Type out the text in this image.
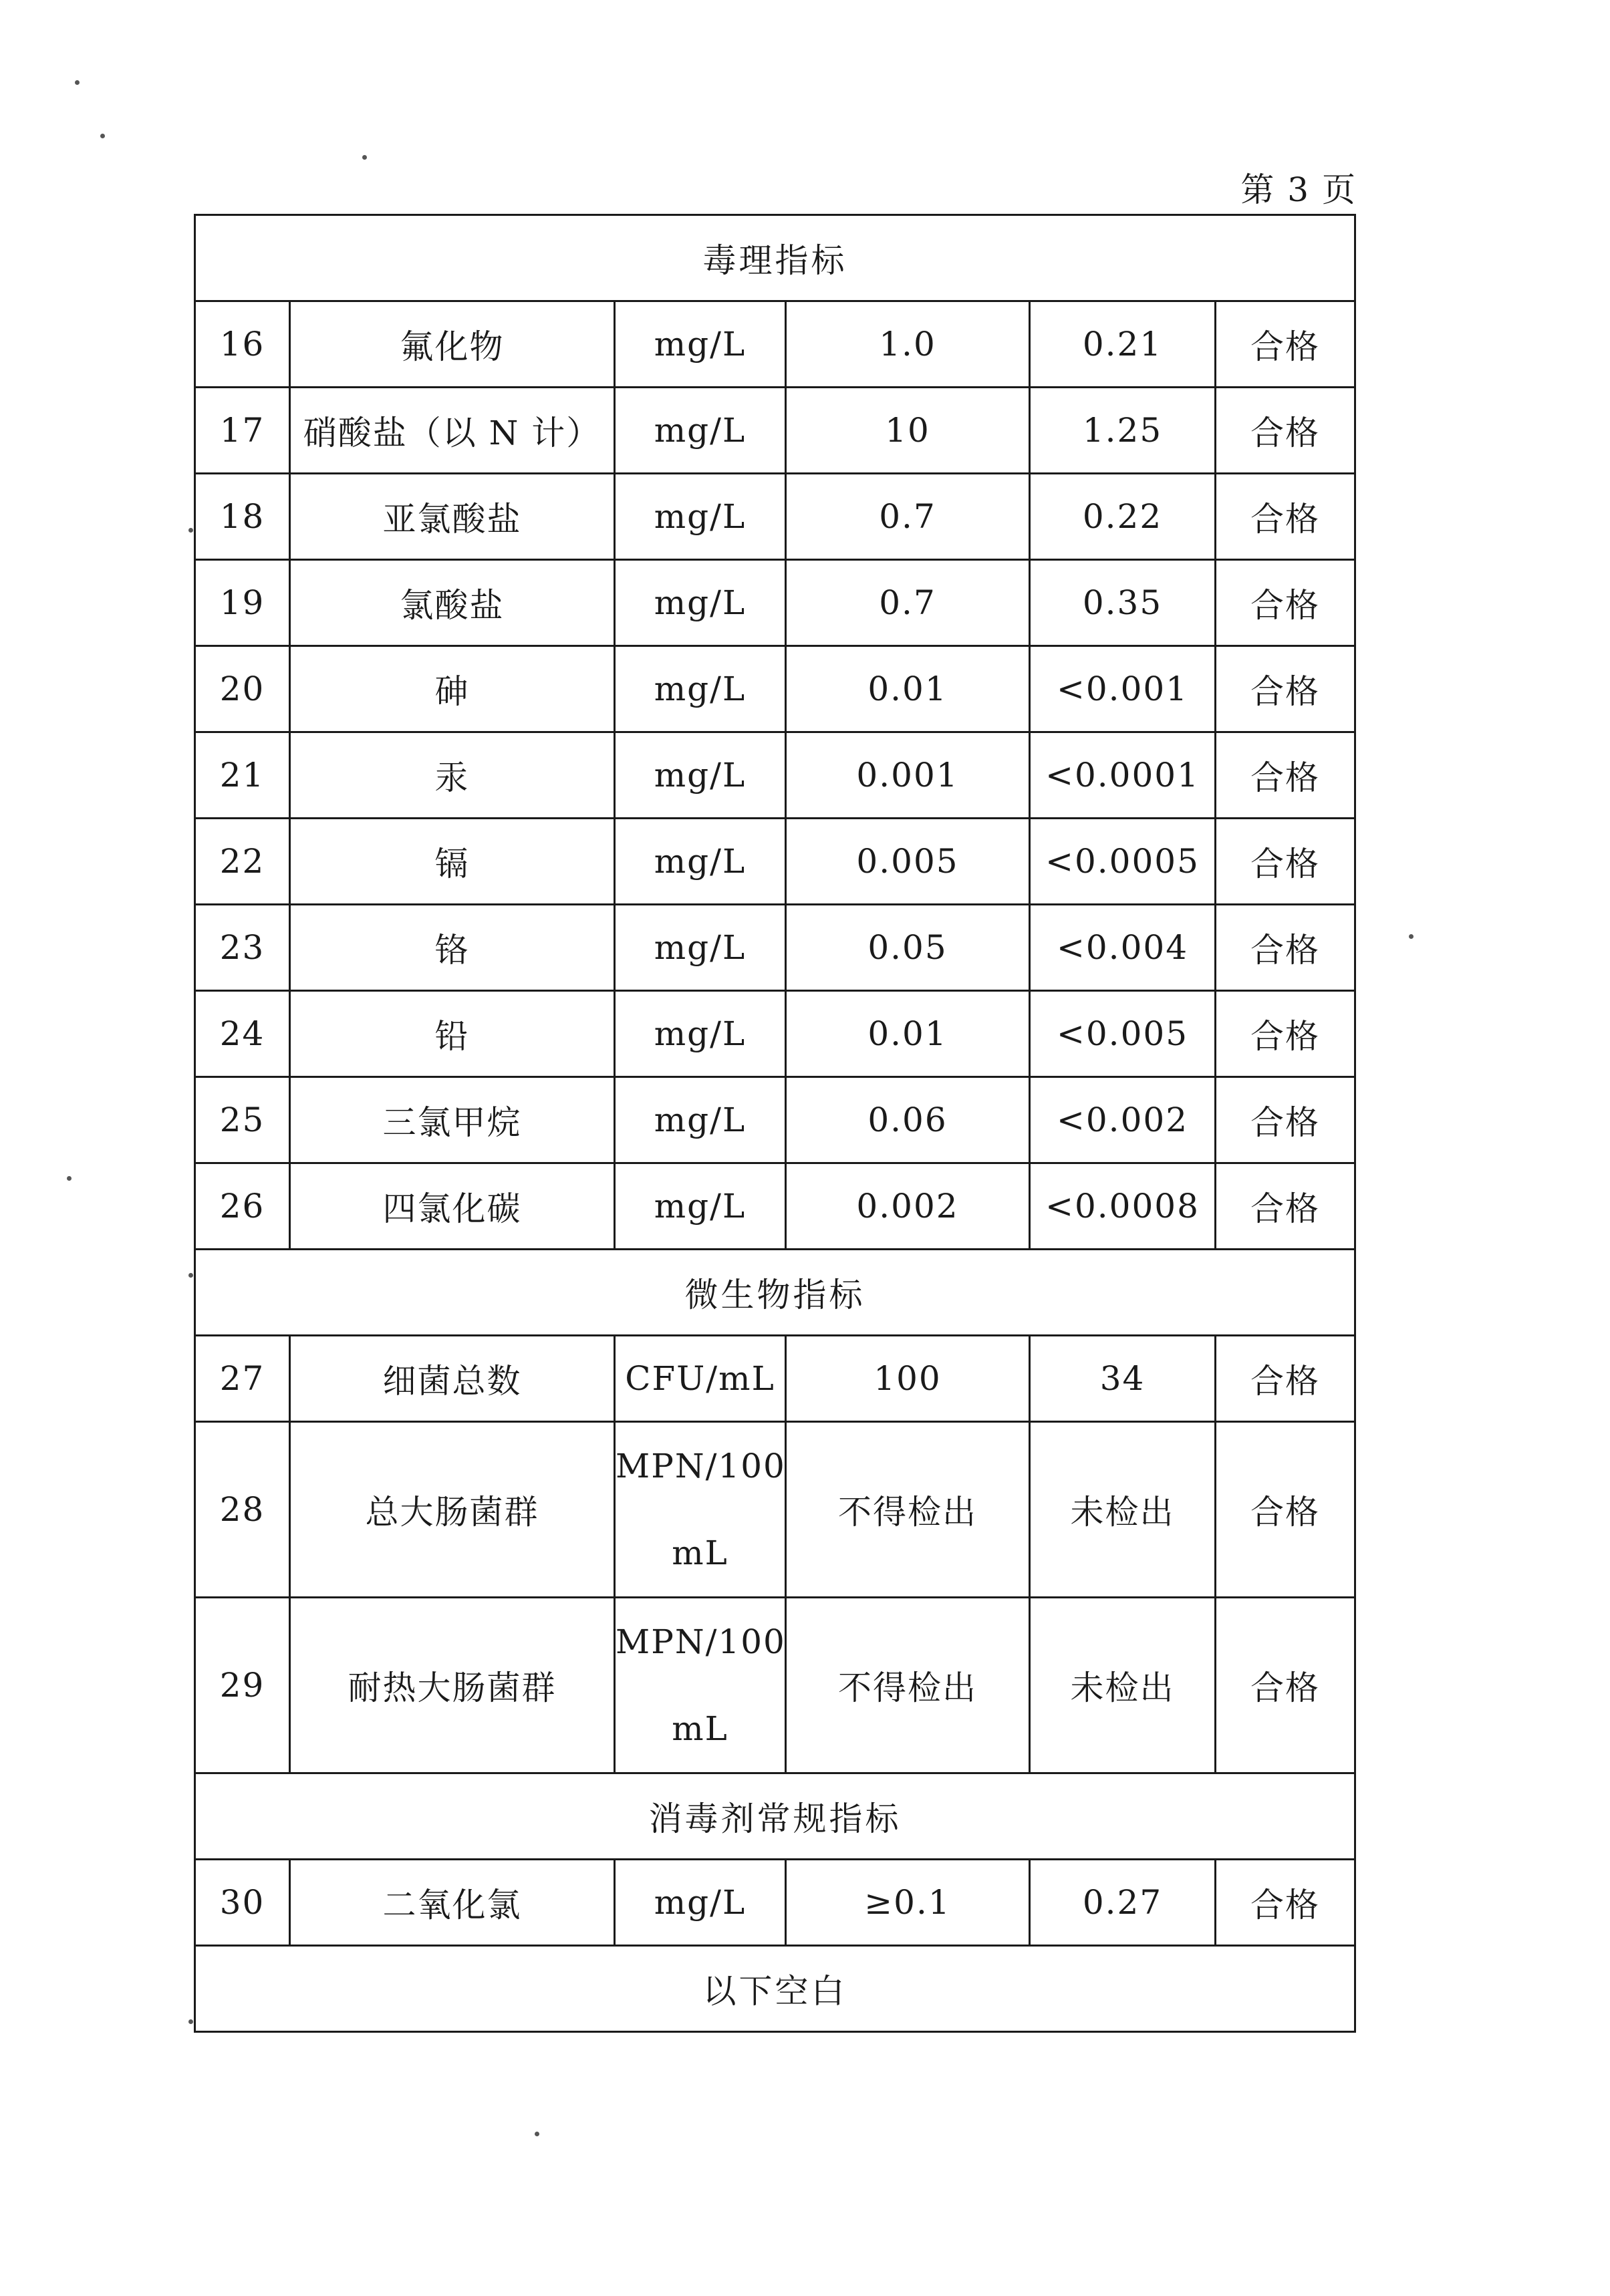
第 3 页
毒理指标					
16	氟化物	mg/L	1.0	0.21	合格
17	硝酸盐（以 N 计）	mg/L	10	1.25	合格
18	亚氯酸盐	mg/L	0.7	0.22	合格
19	氯酸盐	mg/L	0.7	0.35	合格
20	砷	mg/L	0.01	<0.001	合格
21	汞	mg/L	0.001	<0.0001	合格
22	镉	mg/L	0.005	<0.0005	合格
23	铬	mg/L	0.05	<0.004	合格
24	铅	mg/L	0.01	<0.005	合格
25	三氯甲烷	mg/L	0.06	<0.002	合格
26	四氯化碳	mg/L	0.002	<0.0008	合格
微生物指标					
27	细菌总数	CFU/mL	100	34	合格
28	总大肠菌群	MPN/100
mL	不得检出	未检出	合格
29	耐热大肠菌群	MPN/100
mL	不得检出	未检出	合格
消毒剂常规指标					
30	二氧化氯	mg/L	≥0.1	0.27	合格
以下空白					
